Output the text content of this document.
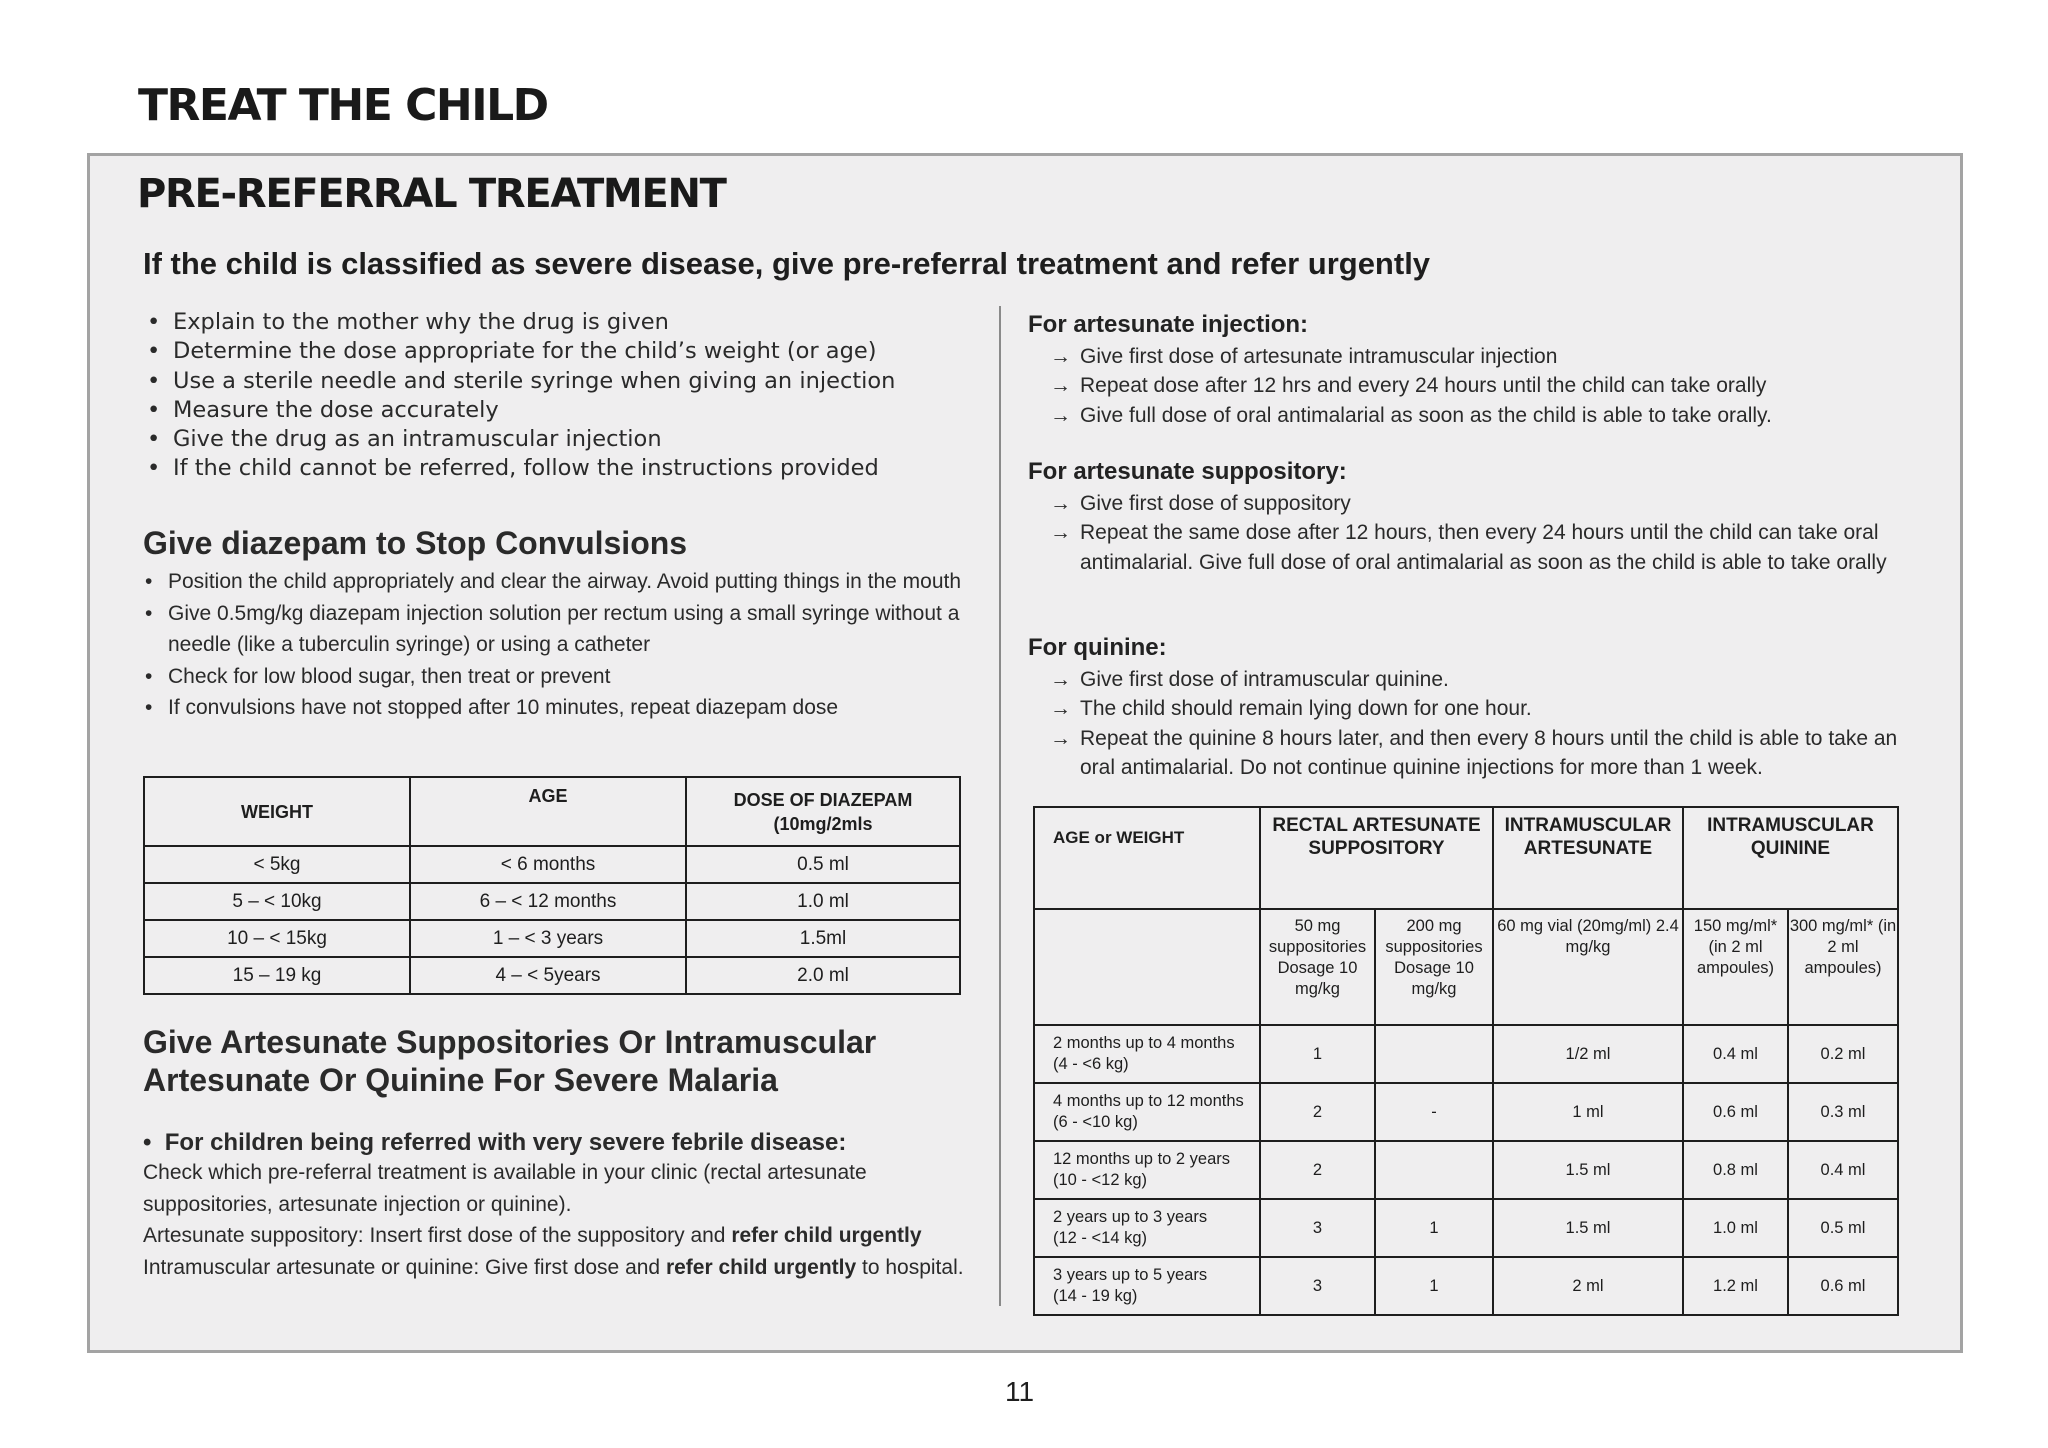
TREAT THE CHILD
PRE-REFERRAL TREATMENT

If the child is classified as severe disease, give pre-referral treatment and refer urgently

• Explain to the mother why the drug is given
• Determine the dose appropriate for the child’s weight (or age)
• Use a sterile needle and sterile syringe when giving an injection
• Measure the dose accurately
• Give the drug as an intramuscular injection
• If the child cannot be referred, follow the instructions provided
Give diazepam to Stop Convulsions
• Position the child appropriately and clear the airway. Avoid putting things in the mouth
• Give 0.5mg/kg diazepam injection solution per rectum using a small syringe without a needle (like a tuberculin syringe) or using a catheter
• Check for low blood sugar, then treat or prevent
• If convulsions have not stopped after 10 minutes, repeat diazepam dose
WEIGHT	AGE	DOSE OF DIAZEPAM (10mg/2mls
< 5kg	< 6 months	0.5 ml
5 – < 10kg	6 – < 12 months	1.0 ml
10 – < 15kg	1 – < 3 years	1.5ml
15 – 19 kg	4 – < 5years	2.0 ml
Give Artesunate Suppositories Or Intramuscular
Artesunate Or Quinine For Severe Malaria

•  For children being referred with very severe febrile disease:

Check which pre-referral treatment is available in your clinic (rectal artesunate suppositories, artesunate injection or quinine).

Artesunate suppository: Insert first dose of the suppository and refer child urgently

Intramuscular artesunate or quinine: Give first dose and refer child urgently to hospital.

For artesunate injection:
→ Give first dose of artesunate intramuscular injection
→ Repeat dose after 12 hrs and every 24 hours until the child can take orally
→ Give full dose of oral antimalarial as soon as the child is able to take orally.
For artesunate suppository:
→ Give first dose of suppository
→ Repeat the same dose after 12 hours, then every 24 hours until the child can take oral antimalarial. Give full dose of oral antimalarial as soon as the child is able to take orally
For quinine:
→ Give first dose of intramuscular quinine.
→ The child should remain lying down for one hour.
→ Repeat the quinine 8 hours later, and then every 8 hours until the child is able to take an oral antimalarial. Do not continue quinine injections for more than 1 week.
AGE or WEIGHT	RECTAL ARTESUNATE SUPPOSITORY		INTRAMUSCULAR ARTESUNATE	INTRAMUSCULAR QUININE	
	50 mg suppositories Dosage 10 mg/kg	200 mg suppositories Dosage 10 mg/kg	60 mg vial (20mg/ml) 2.4 mg/kg	150 mg/ml* (in 2 ml ampoules)	300 mg/ml* (in 2 ml ampoules)
2 months up to 4 months
(4 - <6 kg)	1		1/2 ml	0.4 ml	0.2 ml
4 months up to 12 months
(6 - <10 kg)	2	-	1 ml	0.6 ml	0.3 ml
12 months up to 2 years
(10 - <12 kg)	2		1.5 ml	0.8 ml	0.4 ml
2 years up to 3 years
(12 - <14 kg)	3	1	1.5 ml	1.0 ml	0.5 ml
3 years up to 5 years
(14 - 19 kg)	3	1	2 ml	1.2 ml	0.6 ml

11
